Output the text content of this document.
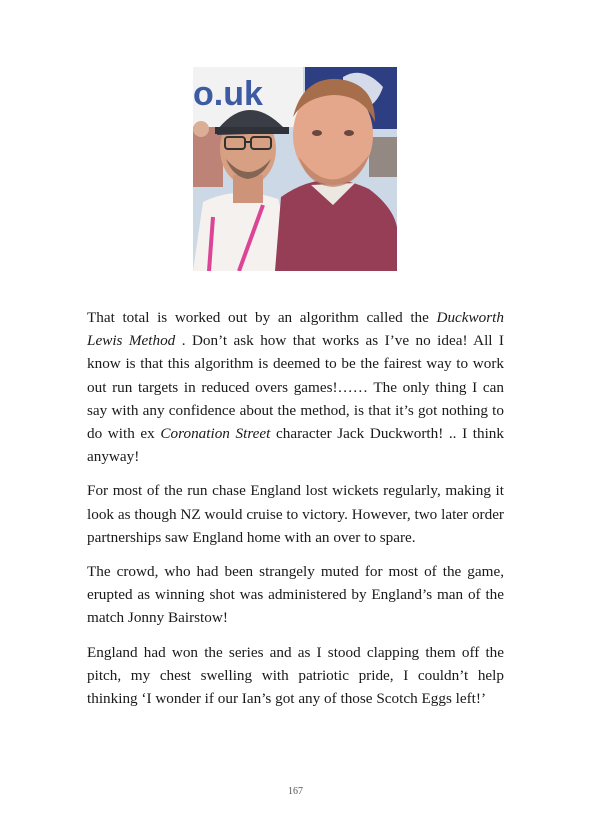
o.uk

That total is worked out by an algorithm called the Duckworth Lewis Method . Don’t ask how that works as I’ve no idea! All I know is that this algorithm is deemed to be the fairest way to work out run targets in reduced overs games!…… The only thing I can say with any confidence about the method, is that it’s got nothing to do with ex Coronation Street character Jack Duckworth! .. I think anyway!

For most of the run chase England lost wickets regularly, making it look as though NZ would cruise to victory. However, two later order partnerships saw England home with an over to spare.

The crowd, who had been strangely muted for most of the game, erupted as winning shot was administered by England’s man of the match Jonny Bairstow!

England had won the series and as I stood clapping them off the pitch, my chest swelling with patriotic pride, I couldn’t help thinking ‘I wonder if our Ian’s got any of those Scotch Eggs left!’

167
